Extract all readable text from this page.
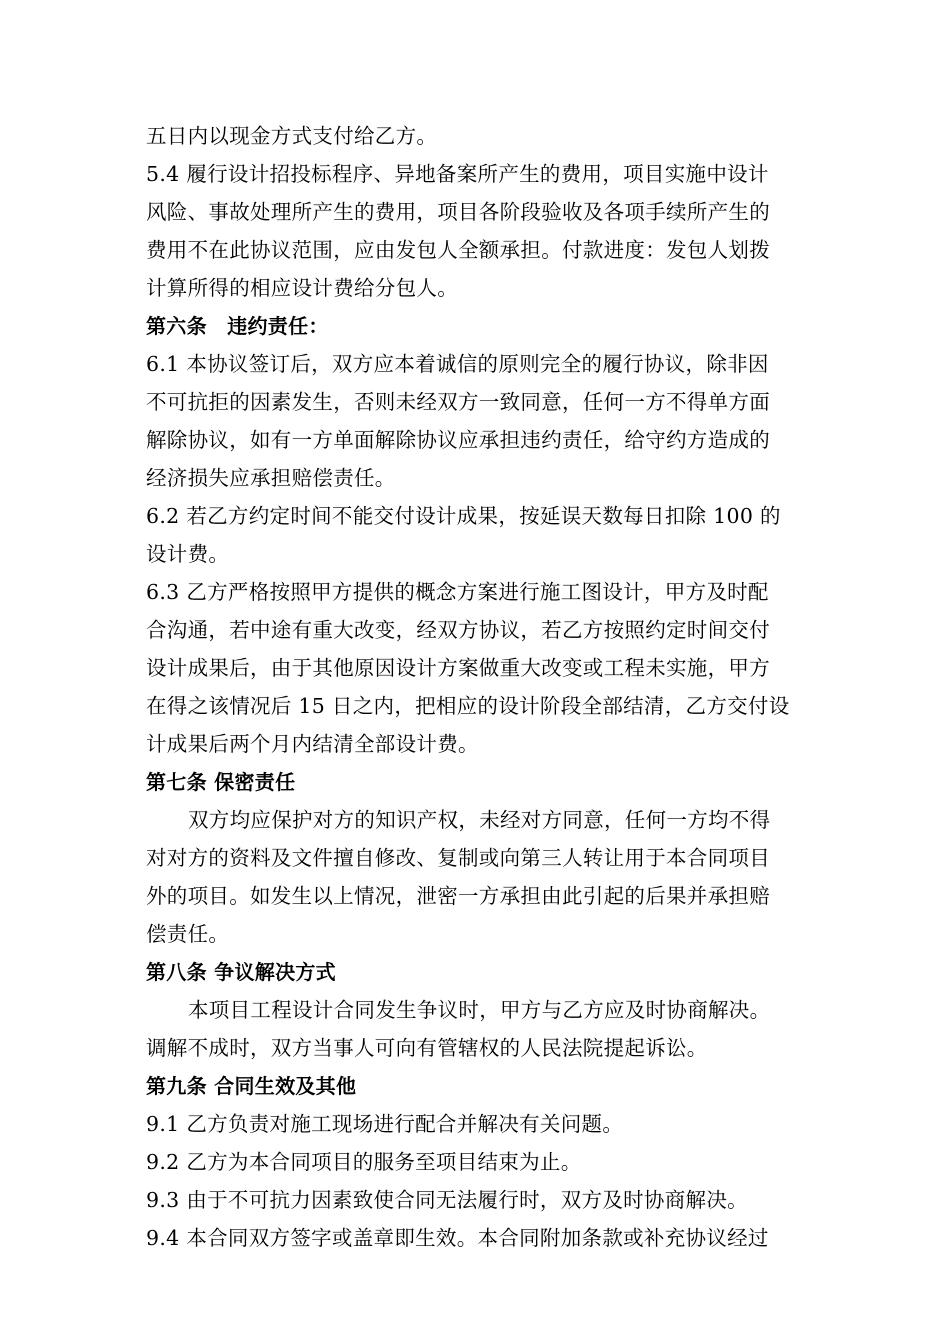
五日内以现金方式支付给乙方。
5.4 履行设计招投标程序、异地备案所产生的费用，项目实施中设计
风险、事故处理所产生的费用，项目各阶段验收及各项手续所产生的
费用不在此协议范围，应由发包人全额承担。付款进度：发包人划拨
计算所得的相应设计费给分包人。
第六条　违约责任：
6.1 本协议签订后，双方应本着诚信的原则完全的履行协议，除非因
不可抗拒的因素发生，否则未经双方一致同意，任何一方不得单方面
解除协议，如有一方单面解除协议应承担违约责任，给守约方造成的
经济损失应承担赔偿责任。
6.2 若乙方约定时间不能交付设计成果，按延误天数每日扣除 100 的
设计费。
6.3 乙方严格按照甲方提供的概念方案进行施工图设计，甲方及时配
合沟通，若中途有重大改变，经双方协议，若乙方按照约定时间交付
设计成果后，由于其他原因设计方案做重大改变或工程未实施，甲方
在得之该情况后 15 日之内，把相应的设计阶段全部结清，乙方交付设
计成果后两个月内结清全部设计费。
第七条 保密责任
双方均应保护对方的知识产权，未经对方同意，任何一方均不得
对对方的资料及文件擅自修改、复制或向第三人转让用于本合同项目
外的项目。如发生以上情况，泄密一方承担由此引起的后果并承担赔
偿责任。
第八条 争议解决方式
本项目工程设计合同发生争议时，甲方与乙方应及时协商解决。
调解不成时，双方当事人可向有管辖权的人民法院提起诉讼。
第九条 合同生效及其他
9.1 乙方负责对施工现场进行配合并解决有关问题。
9.2 乙方为本合同项目的服务至项目结束为止。
9.3 由于不可抗力因素致使合同无法履行时，双方及时协商解决。
9.4 本合同双方签字或盖章即生效。本合同附加条款或补充协议经过
